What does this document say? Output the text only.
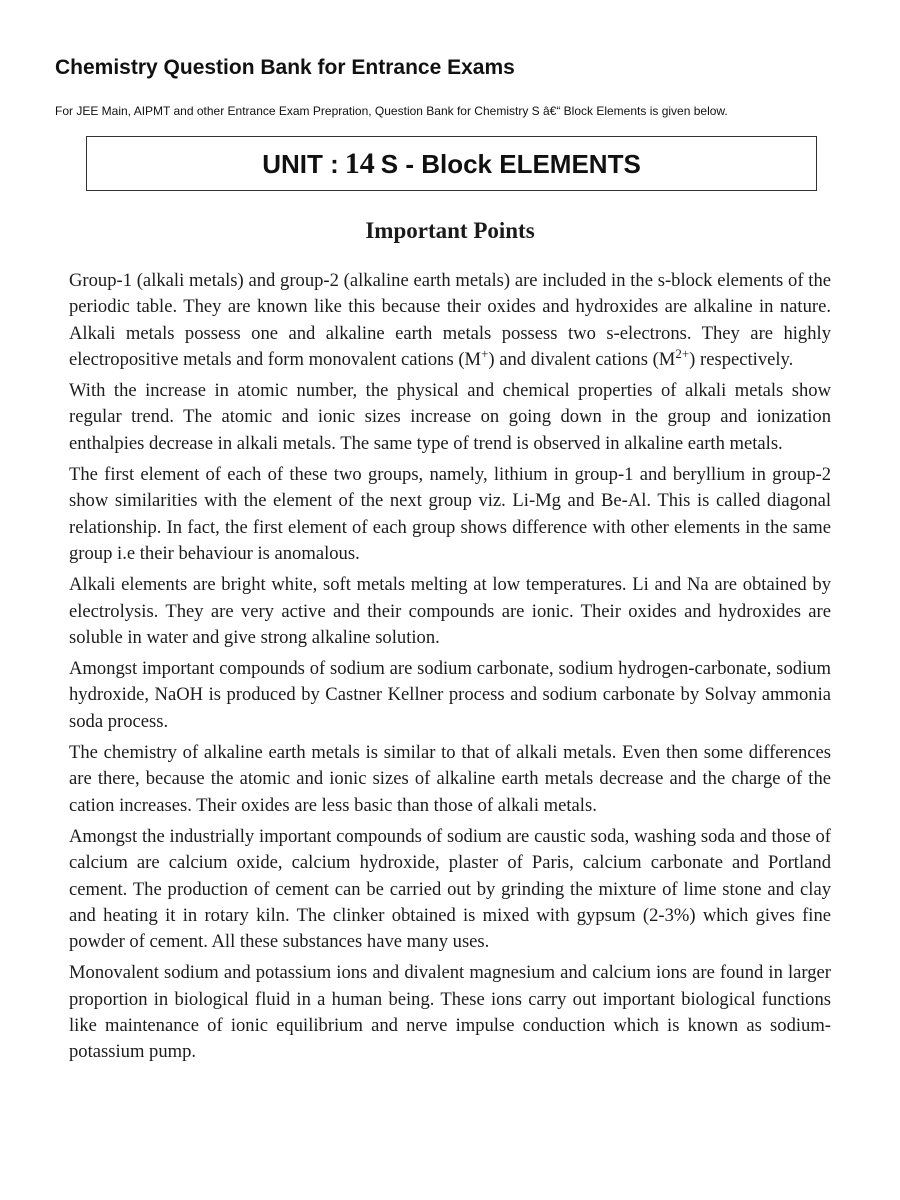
Chemistry Question Bank for Entrance Exams
For JEE Main, AIPMT and other Entrance Exam Prepration, Question Bank for Chemistry S â€“ Block Elements is given below.
UNIT : 14 S - Block ELEMENTS
Important Points

Group-1 (alkali metals) and group-2 (alkaline earth metals) are included in the s-block elements of the periodic table. They are known like this because their oxides and hydroxides are alkaline in nature. Alkali metals possess one and alkaline earth metals possess two s-electrons. They are highly electropositive metals and form monovalent cations (M+) and divalent cations $(M^{2+})$ respectively.

With the increase in atomic number, the physical and chemical properties of alkali metals show regular trend. The atomic and ionic sizes increase on going down in the group and ionization enthalpies decrease in alkali metals. The same type of trend is observed in alkaline earth metals.

The first element of each of these two groups, namely, lithium in group-1 and beryllium in group-2 show similarities with the element of the next group viz. Li-Mg and Be-Al. This is called diagonal relationship. In fact, the first element of each group shows difference with other elements in the same group i.e their behaviour is anomalous.

Alkali elements are bright white, soft metals melting at low temperatures. Li and Na are obtained by electrolysis. They are very active and their compounds are ionic. Their oxides and hydroxides are soluble in water and give strong alkaline solution.

Amongst important compounds of sodium are sodium carbonate, sodium hydrogen-carbonate, sodium hydroxide, NaOH is produced by Castner Kellner process and sodium carbonate by Solvay ammonia soda process.

The chemistry of alkaline earth metals is similar to that of alkali metals. Even then some differences are there, because the atomic and ionic sizes of alkaline earth metals decrease and the charge of the cation increases. Their oxides are less basic than those of alkali metals.

Amongst the industrially important compounds of sodium are caustic soda, washing soda and those of calcium are calcium oxide, calcium hydroxide, plaster of Paris, calcium carbonate and Portland cement. The production of cement can be carried out by grinding the mixture of lime stone and clay and heating it in rotary kiln. The clinker obtained is mixed with gypsum (2-3%) which gives fine powder of cement. All these substances have many uses.

Monovalent sodium and potassium ions and divalent magnesium and calcium ions are found in larger proportion in biological fluid in a human being. These ions carry out important biological functions like maintenance of ionic equilibrium and nerve impulse conduction which is known as sodium-potassium pump.
